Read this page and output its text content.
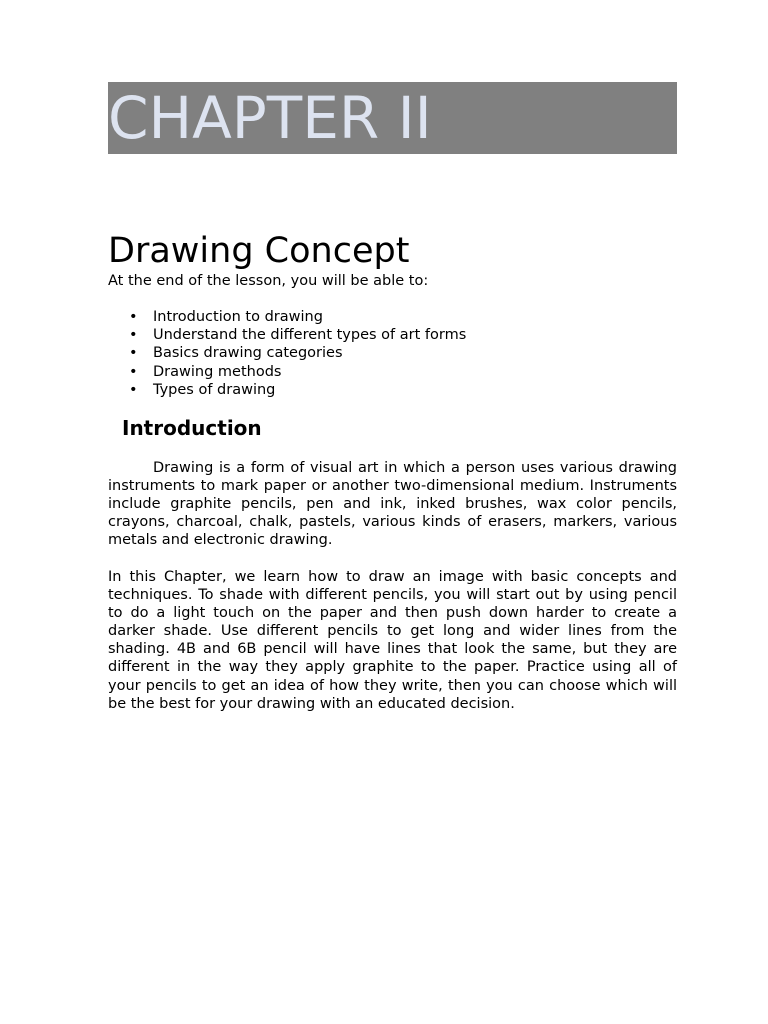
CHAPTER II
Drawing Concept

At the end of the lesson, you will be able to:

• Introduction to drawing
• Understand the different types of art forms
• Basics drawing categories
• Drawing methods
• Types of drawing
Introduction

Drawing is a form of visual art in which a person uses various drawing instruments to mark paper or another two-dimensional medium. Instruments include graphite pencils, pen and ink, inked brushes, wax color pencils, crayons, charcoal, chalk, pastels, various kinds of erasers, markers, various metals and electronic drawing.

In this Chapter, we learn how to draw an image with basic concepts and techniques. To shade with different pencils, you will start out by using pencil to do a light touch on the paper and then push down harder to create a darker shade. Use different pencils to get long and wider lines from the shading. 4B and 6B pencil will have lines that look the same, but they are different in the way they apply graphite to the paper. Practice using all of your pencils to get an idea of how they write, then you can choose which will be the best for your drawing with an educated decision.
